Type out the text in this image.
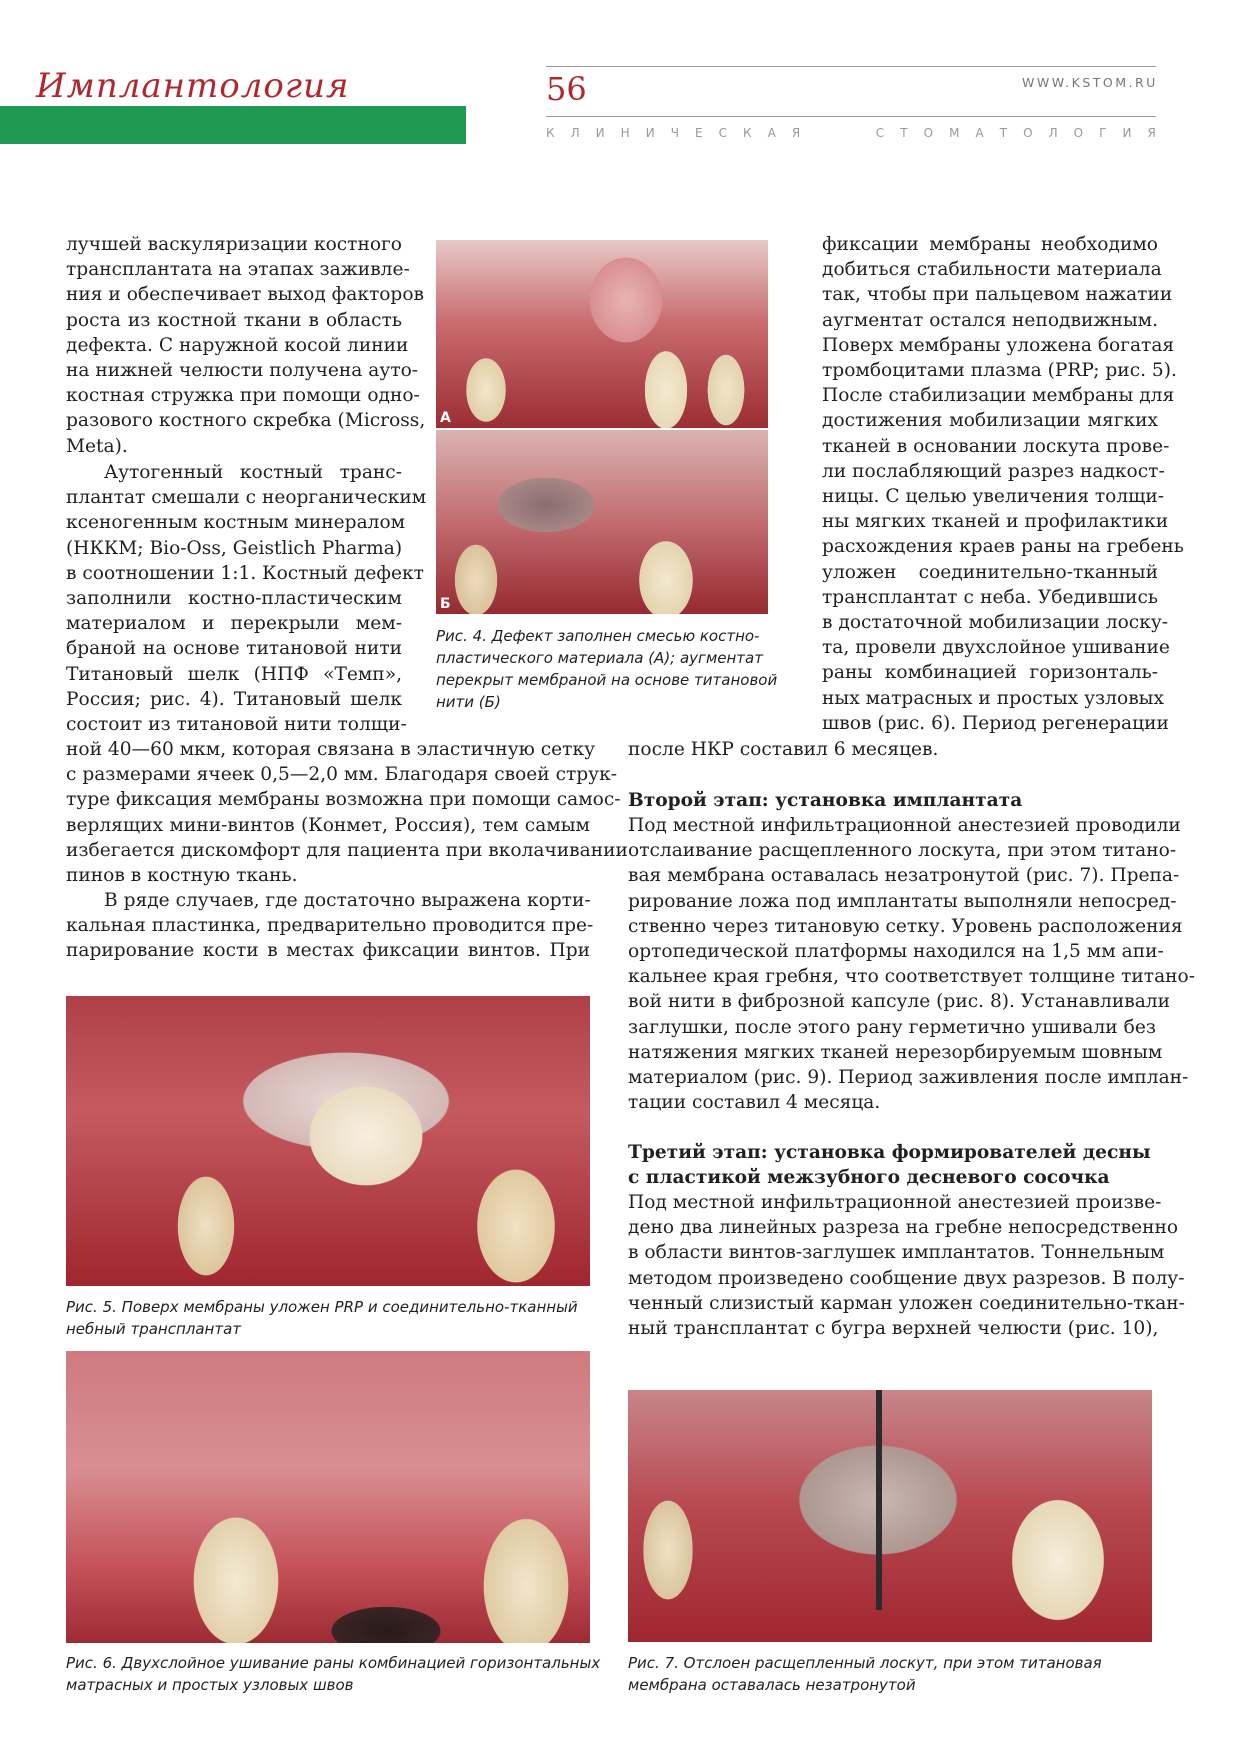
Имплантология	56	WWW.KSTOM.RU
К Л И Н И Ч Е С К А Я

	С Т О М А Т О Л О Г И Я
лучшей васкуляризации костного
трансплантата на этапах заживле-
ния и обеспечивает выход факторов
роста из костной ткани в область
дефекта. С наружной косой линии
на нижней челюсти получена ауто-
костная стружка при помощи одно-
разового костного скребка (Micross,
Meta).
Аутогенный костный транс-
плантат смешали с неорганическим
ксеногенным костным минералом
(НККМ; Bio-Oss, Geistlich Pharma)
в соотношении 1:1. Костный дефект
заполнили костно-пластическим
материалом и перекрыли мем-
браной на основе титановой нити
Титановый шелк (НПФ «Темп»,
Россия; рис. 4). Титановый шелк
состоит из титановой нити толщи-
ной 40—60 мкм, которая связана в эластичную сетку
с размерами ячеек 0,5—2,0 мм. Благодаря своей струк-
туре фиксация мембраны возможна при помощи самос-
верлящих мини-винтов (Конмет, Россия), тем самым
избегается дискомфорт для пациента при вколачивании
пинов в костную ткань.
В ряде случаев, где достаточно выражена корти-
кальная пластинка, предварительно проводится пре-
парирование кости в местах фиксации винтов. При
А
Б
Рис. 4. Дефект заполнен смесью костно-
пластического материала (А); аугментат
перекрыт мембраной на основе титановой
нити (Б)
фиксации мембраны необходимо
добиться стабильности материала
так, чтобы при пальцевом нажатии
аугментат остался неподвижным.
Поверх мембраны уложена богатая
тромбоцитами плазма (PRP; рис. 5).
После стабилизации мембраны для
достижения мобилизации мягких
тканей в основании лоскута прове-
ли послабляющий разрез надкост-
ницы. С целью увеличения толщи-
ны мягких тканей и профилактики
расхождения краев раны на гребень
уложен соединительно-тканный
трансплантат с неба. Убедившись
в достаточной мобилизации лоску-
та, провели двухслойное ушивание
раны комбинацией горизонталь-
ных матрасных и простых узловых
швов (рис. 6). Период регенерации
после НКР составил 6 месяцев.
Второй этап: установка имплантата
Под местной инфильтрационной анестезией проводили
отслаивание расщепленного лоскута, при этом титано-
вая мембрана оставалась незатронутой (рис. 7). Препа-
рирование ложа под имплантаты выполняли непосред-
ственно через титановую сетку. Уровень расположения
ортопедической платформы находился на 1,5 мм апи-
кальнее края гребня, что соответствует толщине титано-
вой нити в фиброзной капсуле (рис. 8). Устанавливали
заглушки, после этого рану герметично ушивали без
натяжения мягких тканей нерезорбируемым шовным
материалом (рис. 9). Период заживления после имплан-
тации составил 4 месяца.
Третий этап: установка формирователей десны
с пластикой межзубного десневого сосочка
Под местной инфильтрационной анестезией произве-
дено два линейных разреза на гребне непосредственно
в области винтов-заглушек имплантатов. Тоннельным
методом произведено сообщение двух разрезов. В полу-
ченный слизистый карман уложен соединительно-ткан-
ный трансплантат с бугра верхней челюсти (рис. 10),
Рис. 5. Поверх мембраны уложен PRP и соединительно-тканный
небный трансплантат
Рис. 6. Двухслойное ушивание раны комбинацией горизонтальных
матрасных и простых узловых швов
Рис. 7. Отслоен расщепленный лоскут, при этом титановая
мембрана оставалась незатронутой
